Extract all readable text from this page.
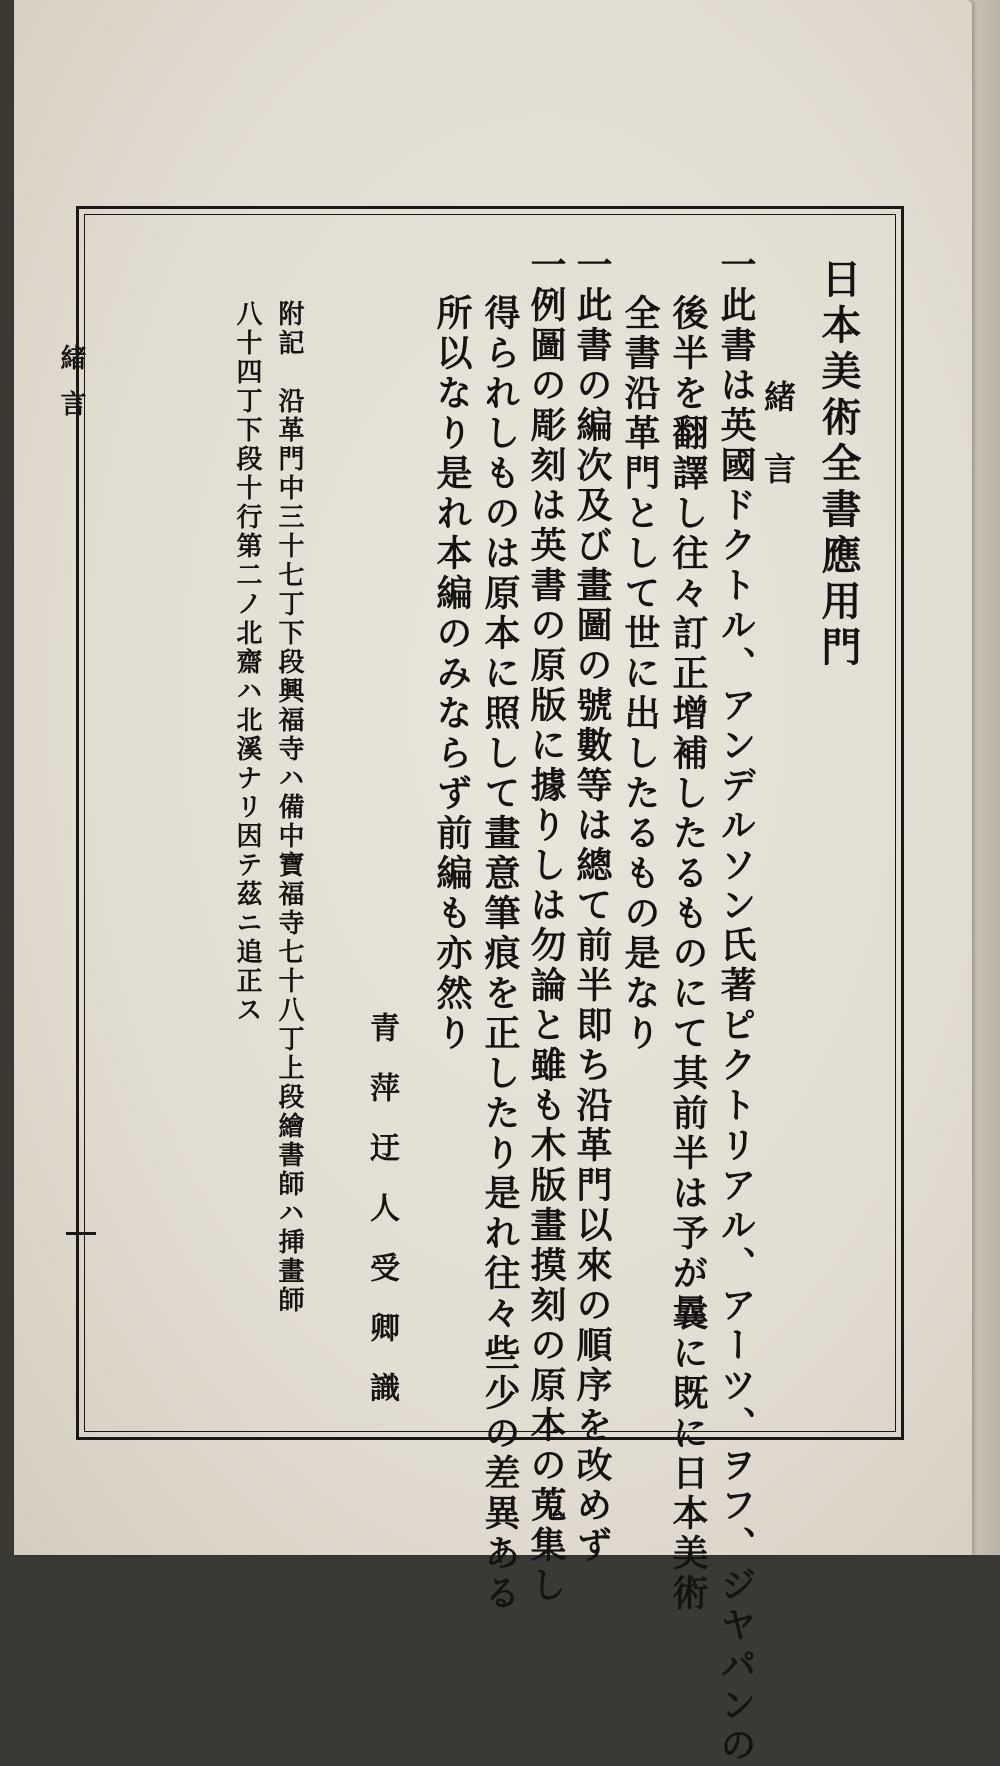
日本美術全書應用門
緒言
一此書は英國ドクトル、アンデルソン氏著ピクトリアル、アーツ、ヲフ、ジヤパンの
後半を翻譯し往々訂正增補したるものにて其前半は予が曩に既に日本美術
全書沿革門として世に出したるもの是なり
一此書の編次及び畫圖の號數等は總て前半即ち沿革門以來の順序を改めず
一例圖の彫刻は英書の原版に據りしは勿論と雖も木版畫摸刻の原本の蒐集し
得られしものは原本に照して畫意筆痕を正したり是れ往々些少の差異ある
所以なり是れ本編のみならず前編も亦然り
青萍迂人受卿識
附記　沿革門中三十七丁下段興福寺ハ備中寶福寺七十八丁上段繪書師ハ挿畫師
八十四丁下段十行第二ノ北齋ハ北溪ナリ因テ茲ニ追正ス
緒言
